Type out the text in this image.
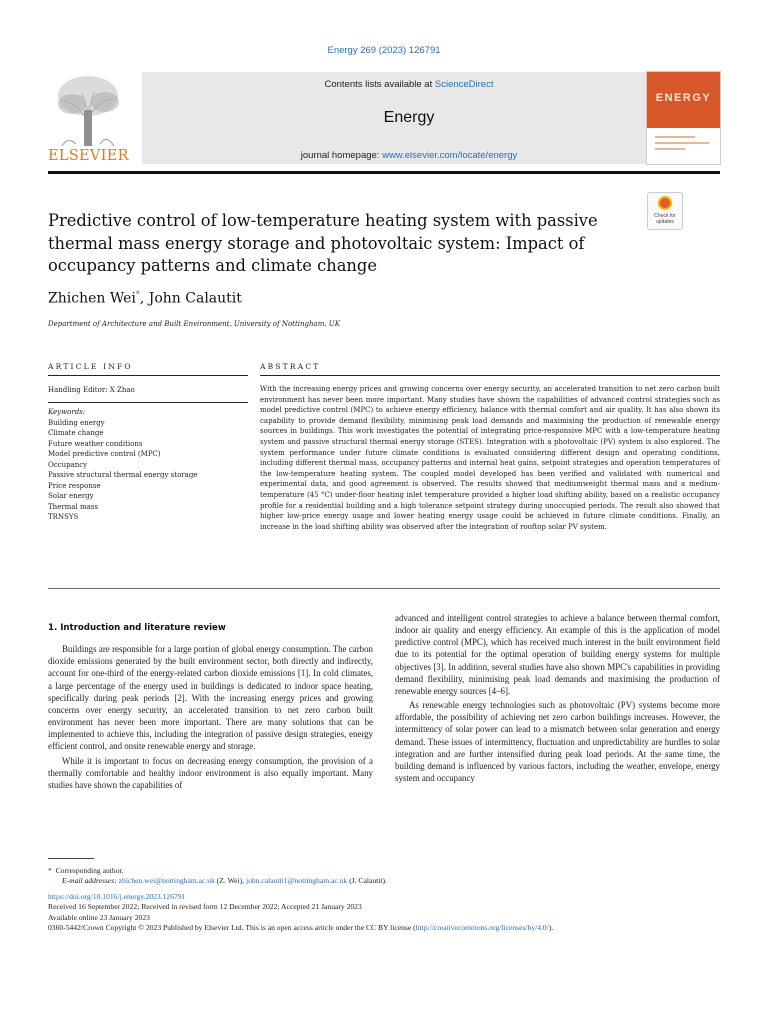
Energy 269 (2023) 126791
ELSEVIER
Contents lists available at ScienceDirect
Energy
journal homepage: www.elsevier.com/locate/energy
ENERGY
Predictive control of low-temperature heating system with passive thermal mass energy storage and photovoltaic system: Impact of occupancy patterns and climate change
Check for updates
Zhichen Wei*, John Calautit
Department of Architecture and Built Environment, University of Nottingham, UK
ARTICLE INFO	ABSTRACT
Handling Editor: X Zhao
Keywords:
Building energy
Climate change
Future weather conditions
Model predictive control (MPC)
Occupancy
Passive structural thermal energy storage
Price response
Solar energy
Thermal mass
TRNSYS

With the increasing energy prices and growing concerns over energy security, an accelerated transition to net zero carbon built environment has never been more important. Many studies have shown the capabilities of advanced control strategies such as model predictive control (MPC) to achieve energy efficiency, balance with thermal comfort and air quality. It has also shown its capability to provide demand flexibility, minimising peak load demands and maximising the production of renewable energy sources in buildings. This work investigates the potential of integrating price-responsive MPC with a low-temperature heating system and passive structural thermal energy storage (STES). Integration with a photovoltaic (PV) system is also explored. The system performance under future climate conditions is evaluated considering different design and operating conditions, including different thermal mass, occupancy patterns and internal heat gains, setpoint strategies and operation temperatures of the low-temperature heating system. The coupled model developed has been verified and validated with numerical and experimental data, and good agreement is observed. The results showed that mediumweight thermal mass and a medium-temperature (45 °C) under-floor heating inlet temperature provided a higher load shifting ability, based on a realistic occupancy profile for a residential building and a high tolerance setpoint strategy during unoccupied periods. The result also showed that higher low-price energy usage and lower heating energy usage could be achieved in future climate conditions. Finally, an increase in the load shifting ability was observed after the integration of rooftop solar PV system.

1. Introduction and literature review

Buildings are responsible for a large portion of global energy consumption. The carbon dioxide emissions generated by the built environment sector, both directly and indirectly, account for one-third of the energy-related carbon dioxide emissions [1]. In cold climates, a large percentage of the energy used in buildings is dedicated to indoor space heating, specifically during peak periods [2]. With the increasing energy prices and growing concerns over energy security, an accelerated transition to net zero carbon built environment has never been more important. There are many solutions that can be implemented to achieve this, including the integration of passive design strategies, energy efficient control, and onsite renewable energy and storage.

While it is important to focus on decreasing energy consumption, the provision of a thermally comfortable and healthy indoor environment is also equally important. Many studies have shown the capabilities of

advanced and intelligent control strategies to achieve a balance between thermal comfort, indoor air quality and energy efficiency. An example of this is the application of model predictive control (MPC), which has received much interest in the built environment field due to its potential for the optimal operation of building energy systems for multiple objectives [3]. In addition, several studies have also shown MPC's capabilities in providing demand flexibility, minimising peak load demands and maximising the production of renewable energy sources [4–6].

As renewable energy technologies such as photovoltaic (PV) systems become more affordable, the possibility of achieving net zero carbon buildings increases. However, the intermittency of solar power can lead to a mismatch between solar generation and energy demand. These issues of intermittency, fluctuation and unpredictability are hurdles to solar integration and are further intensified during peak load periods. At the same time, the building demand is influenced by various factors, including the weather, envelope, energy system and occupancy

* Corresponding author.
E-mail addresses: zhichen.wei@nottingham.ac.uk (Z. Wei), john.calautit1@nottingham.ac.uk (J. Calautit).
https://doi.org/10.1016/j.energy.2023.126791
Received 16 September 2022; Received in revised form 12 December 2022; Accepted 21 January 2023
Available online 23 January 2023
0360-5442/Crown Copyright © 2023 Published by Elsevier Ltd. This is an open access article under the CC BY license (http://creativecommons.org/licenses/by/4.0/).
